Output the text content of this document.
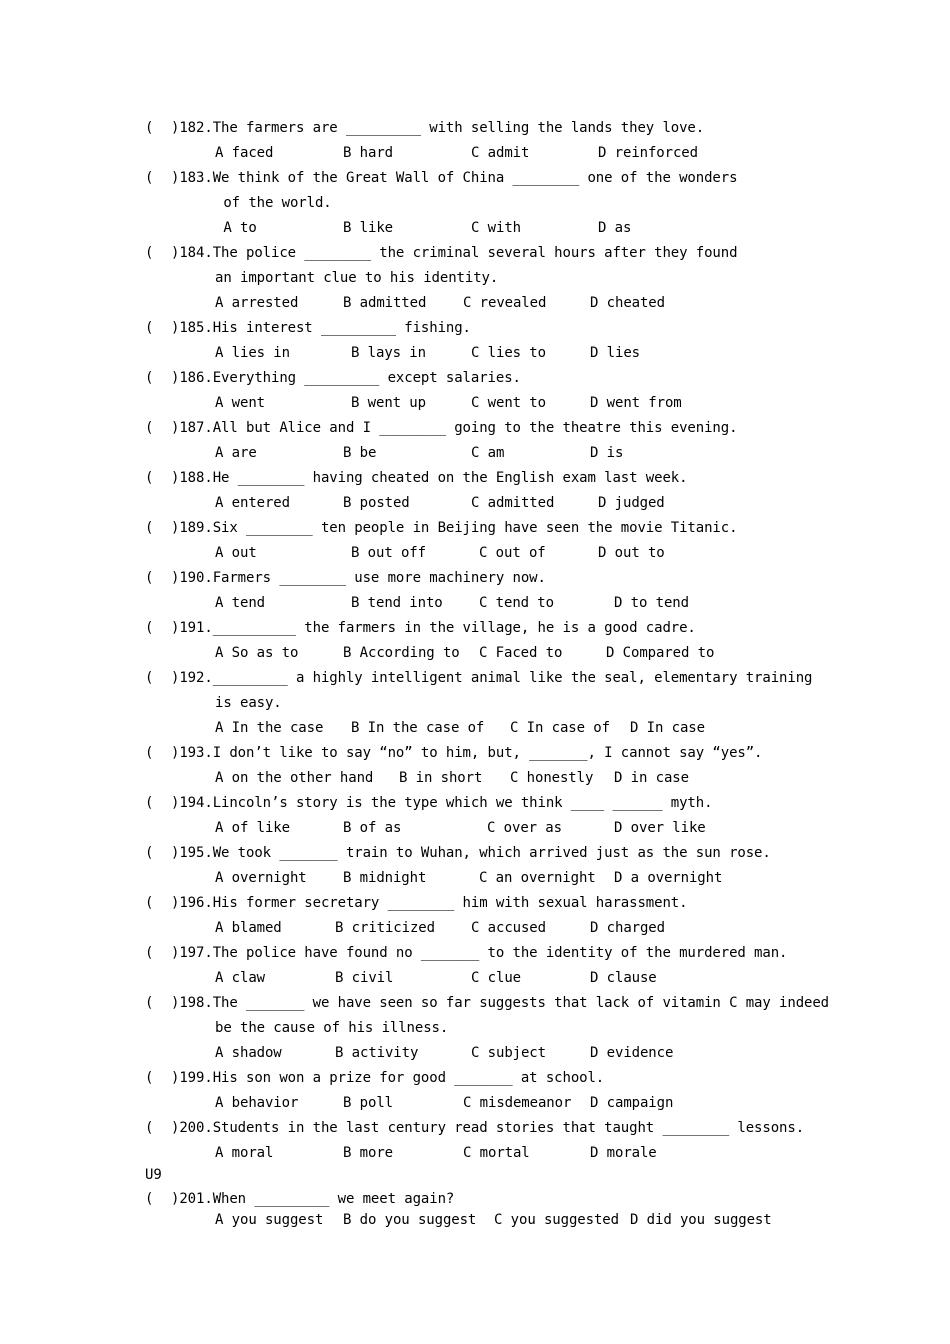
( )182.The farmers are _________ with selling the lands they love.
A faced	B hard	C admit	D reinforced
( )183.We think of the Great Wall of China ________ one of the wonders
of the world.
A to	B like	C with	D as
( )184.The police ________ the criminal several hours after they found
an important clue to his identity.
A arrested	B admitted	C revealed	D cheated
( )185.His interest _________ fishing.
A lies in	B lays in	C lies to	D lies
( )186.Everything _________ except salaries.
A went	B went up	C went to	D went from
( )187.All but Alice and I ________ going to the theatre this evening.
A are	B be	C am	D is
( )188.He ________ having cheated on the English exam last week.
A entered	B posted	C admitted	D judged
( )189.Six ________ ten people in Beijing have seen the movie Titanic.
A out	B out off	C out of	D out to
( )190.Farmers ________ use more machinery now.
A tend	B tend into	C tend to	D to tend
( )191.__________ the farmers in the village, he is a good cadre.
A So as to	B According to C Faced to	D Compared to
( )192._________ a highly intelligent animal like the seal, elementary training
is easy.
A In the case B In the case of C In case of D In case
( )193.I don’t like to say “no” to him, but, _______, I cannot say “yes”.
A on the other hand B in short C honestly D in case
( )194.Lincoln’s story is the type which we think ____ ______ myth.
A of like	B of as	C over as	D over like
( )195.We took _______ train to Wuhan, which arrived just as the sun rose.
A overnight	B midnight	C an overnight D a overnight
( )196.His former secretary ________ him with sexual harassment.
A blamed	B criticized	C accused	D charged
( )197.The police have found no _______ to the identity of the murdered man.
A claw	B civil	C clue	D clause
( )198.The _______ we have seen so far suggests that lack of vitamin C may indeed
be the cause of his illness.
A shadow	B activity	C subject	D evidence
( )199.His son won a prize for good _______ at school.
A behavior	B poll	C misdemeanor D campaign
( )200.Students in the last century read stories that taught ________ lessons.
A moral	B more	C mortal	D morale
U9
( )201.When _________ we meet again?
A you suggest B do you suggest C you suggested D did you suggest
